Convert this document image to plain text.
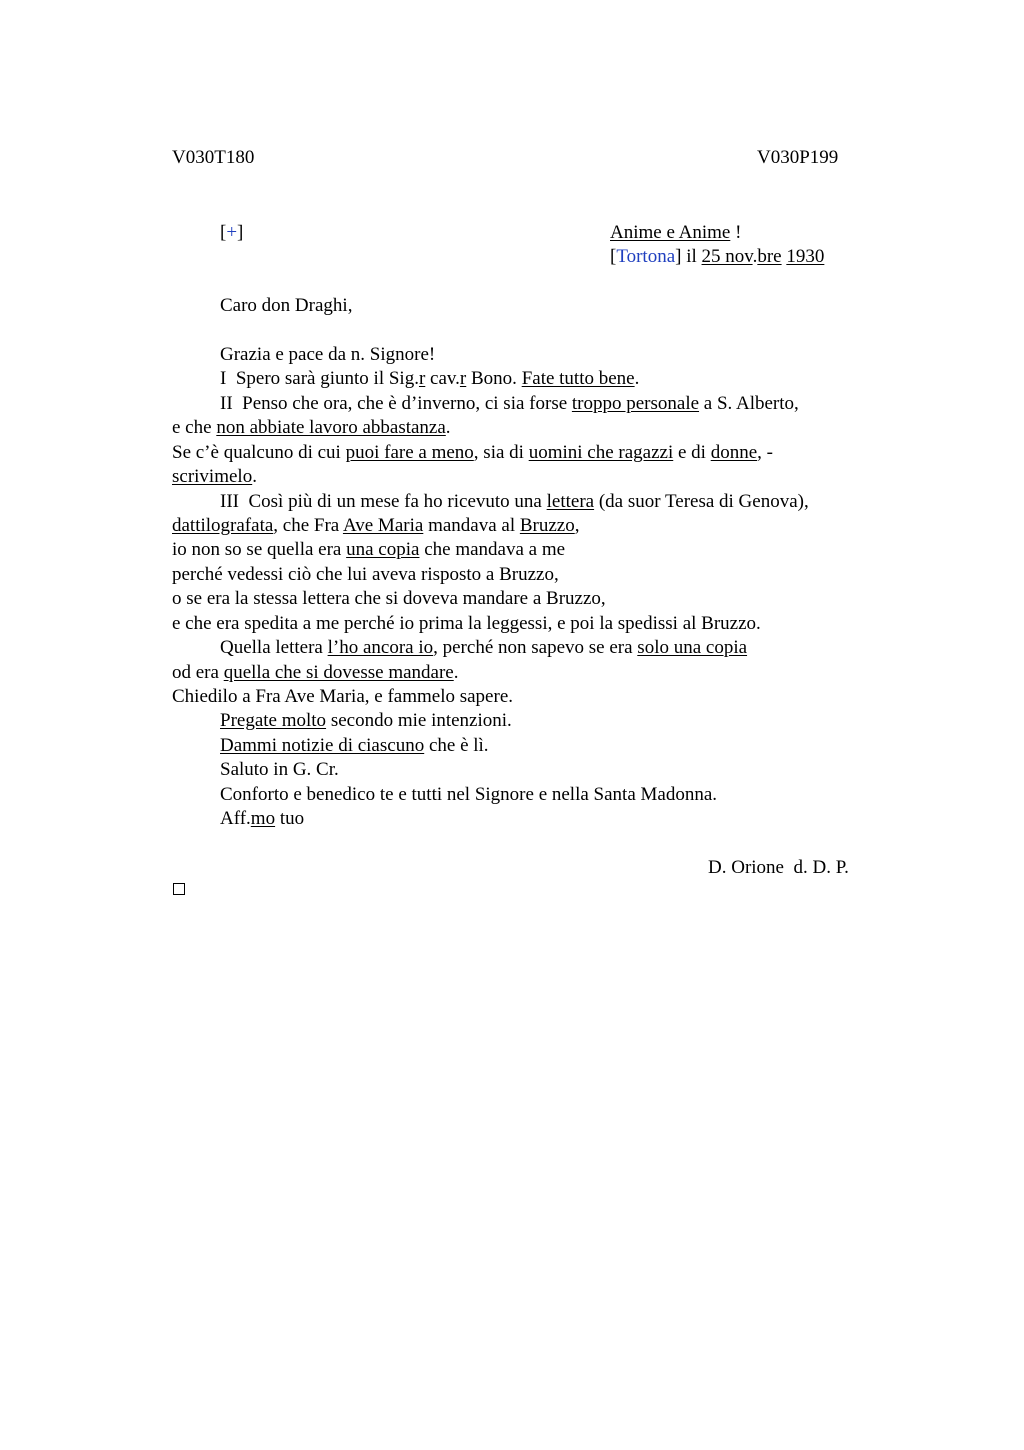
V030T180	V030P199
[+]	Anime e Anime !
[Tortona] il 25 nov.bre 1930
Caro don Draghi,
Grazia e pace da n. Signore!
I  Spero sarà giunto il Sig.r cav.r Bono. Fate tutto bene.
II  Penso che ora, che è d’inverno, ci sia forse troppo personale a S. Alberto,
e che non abbiate lavoro abbastanza.
Se c’è qualcuno di cui puoi fare a meno, sia di uomini che ragazzi e di donne, -
scrivimelo.
III  Così più di un mese fa ho ricevuto una lettera (da suor Teresa di Genova),
dattilografata, che Fra Ave Maria mandava al Bruzzo,
io non so se quella era una copia che mandava a me
perché vedessi ciò che lui aveva risposto a Bruzzo,
o se era la stessa lettera che si doveva mandare a Bruzzo,
e che era spedita a me perché io prima la leggessi, e poi la spedissi al Bruzzo.
Quella lettera l’ho ancora io, perché non sapevo se era solo una copia
od era quella che si dovesse mandare.
Chiedilo a Fra Ave Maria, e fammelo sapere.
Pregate molto secondo mie intenzioni.
Dammi notizie di ciascuno che è lì.
Saluto in G. Cr.
Conforto e benedico te e tutti nel Signore e nella Santa Madonna.
Aff.mo tuo
D. Orione  d. D. P.
